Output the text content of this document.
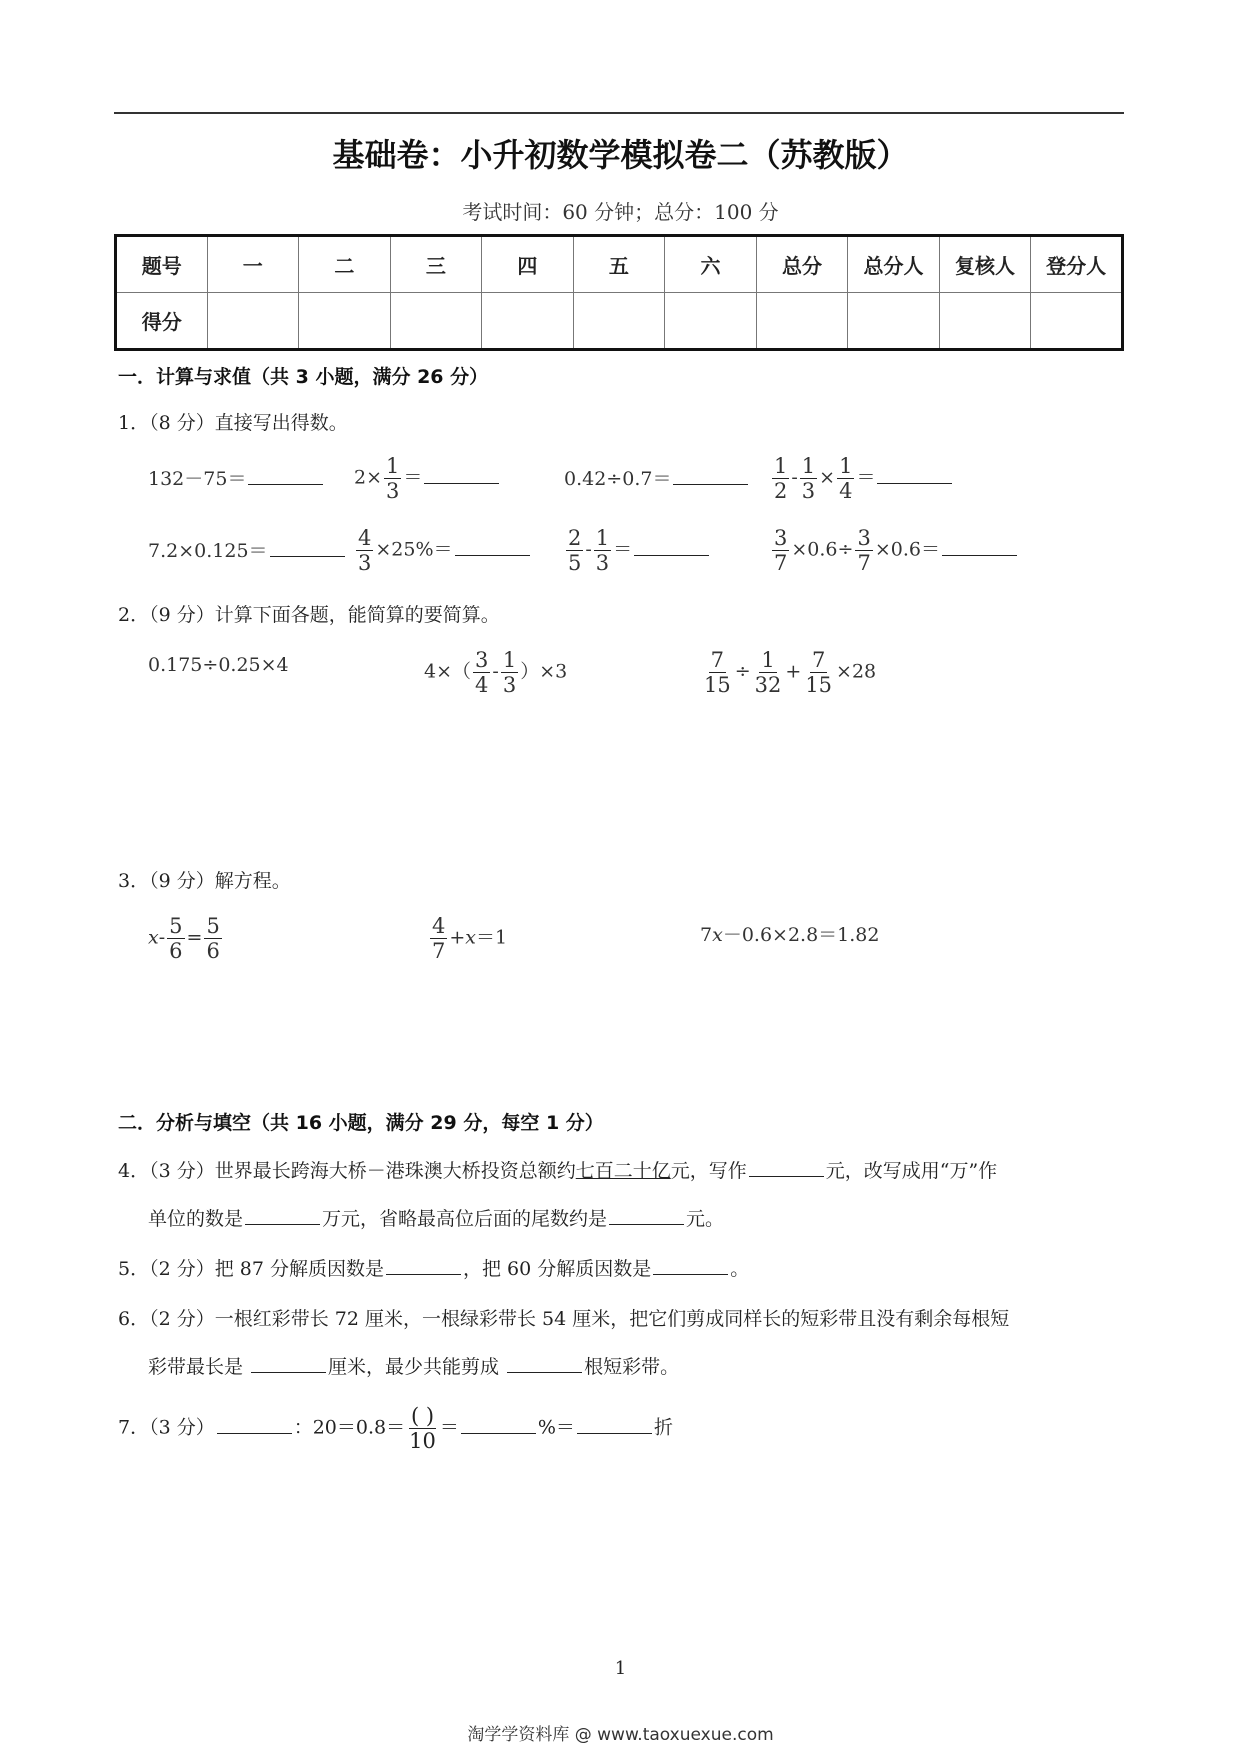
基础卷：小升初数学模拟卷二（苏教版）
考试时间：60 分钟；总分：100 分
题号	一	二	三	四	五	六	总分	总分人	复核人	登分人
得分										
一．计算与求值（共 3 小题，满分 26 分）
1．（8 分）直接写出得数。
132－75＝	$2\times \frac{1}{3}$ ＝	0.42÷0.7＝	$\frac{1}{2} - \frac{1}{3} \times \frac{1}{4}$ ＝
7.2×0.125＝	$\frac{4}{3} \times 25\%=$	$\frac{2}{5} - \frac{1}{3}$ ＝	$\frac{3}{7} \times 0.6\div \frac{3}{7} \times 0.6=$
2．（9 分）计算下面各题，能简算的要简算。
0.175÷0.25×4	$4\times( \frac{3}{4} - \frac{1}{3} )\times 3$	$\frac{7}{15} \div \frac{1}{32} + \frac{7}{15} \times 28$
3．（9 分）解方程。
$x- \frac{5}{6} = \frac{5}{6}$	$\frac{4}{7} +x=1$	7x－0.6×2.8＝1.82
二．分析与填空（共 16 小题，满分 29 分，每空 1 分）
4．（3 分）世界最长跨海大桥－港珠澳大桥投资总额约七百二十亿元，写作	元，改写成用“万”作
单位的数是	万元，省略最高位后面的尾数约是	元。
5．（2 分）把 87 分解质因数是	，把 60 分解质因数是	。
6．（2 分）一根红彩带长 72 厘米，一根绿彩带长 54 厘米，把它们剪成同样长的短彩带且没有剩余每根短
彩带最长是	厘米，最少共能剪成	根短彩带。
7．（3 分）	：$20=0.8= \frac{( )}{10}$ ＝	%＝	折
1
淘学学资料库 @ www.taoxuexue.com
